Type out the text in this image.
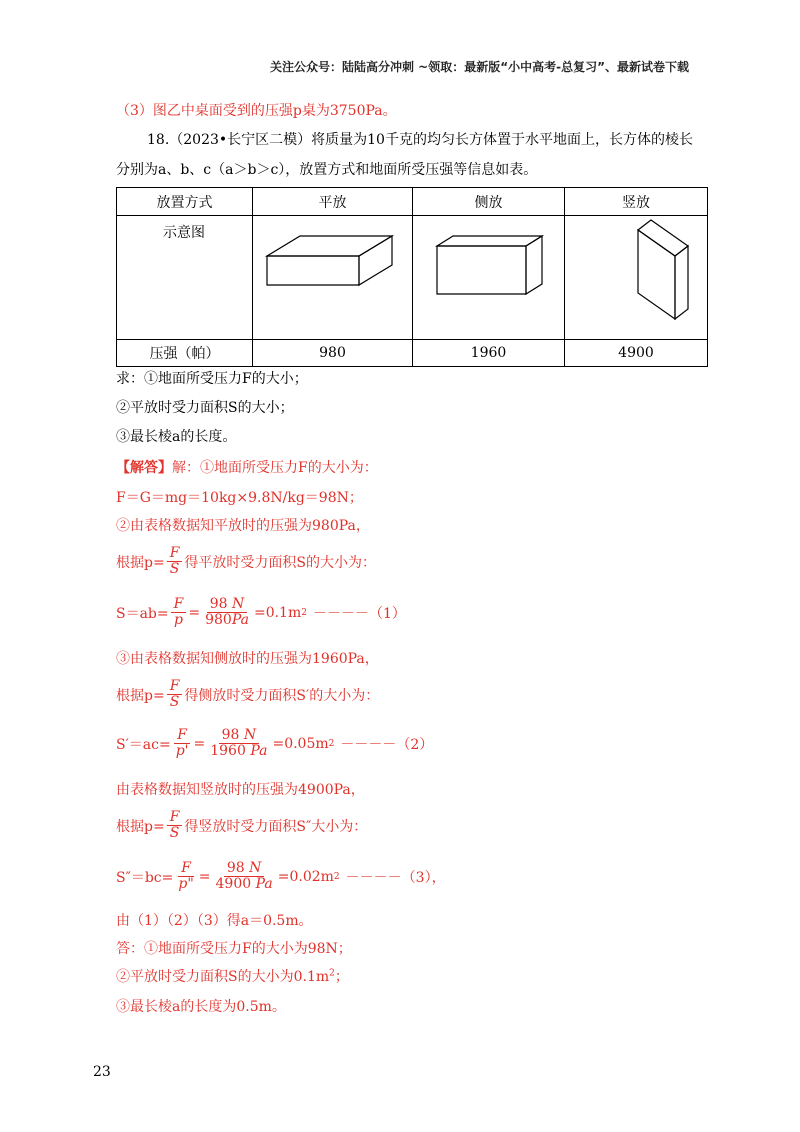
关注公众号：陆陆高分冲刺 ~领取：最新版“小中高考-总复习”、最新试卷下载
（3）图乙中桌面受到的压强p桌为3750Pa。
18.（2023•长宁区二模）将质量为10千克的均匀长方体置于水平地面上，长方体的棱长
分别为a、b、c（a＞b＞c），放置方式和地面所受压强等信息如表。
放置方式	平放	侧放	竖放

示意图

压强（帕）	980	1960	4900
求：①地面所受压力F的大小；
②平放时受力面积S的大小；
③最长棱a的长度。
【解答】解：①地面所受压力F的大小为：
F＝G＝mg＝10kg×9.8N/kg＝98N；
②由表格数据知平放时的压强为980Pa，
根据$p= \frac{F}{S}$ 得平放时受力面积S的大小为：
$S=ab= \frac{F}{p} = \frac{98 N}{980Pa} =0.1m$ 2 －－－－（1）
③由表格数据知侧放时的压强为1960Pa，
根据$p= \frac{F}{S}$ 得侧放时受力面积S′的大小为：
$S'=ac= \frac{F}{p'} = \frac{98 N}{1960 Pa} =0.05m$ 2 －－－－（2）
由表格数据知竖放时的压强为4900Pa，
根据$p= \frac{F}{S}$ 得竖放时受力面积S″大小为：
$S''=bc= \frac{F}{p"} = \frac{98 N}{4900 Pa} =0.02m$ 2 －－－－（3），
由（1）（2）（3）得a＝0.5m。
答：①地面所受压力F的大小为98N；
②平放时受力面积S的大小为$0.1m^2$；
③最长棱a的长度为0.5m。
23
